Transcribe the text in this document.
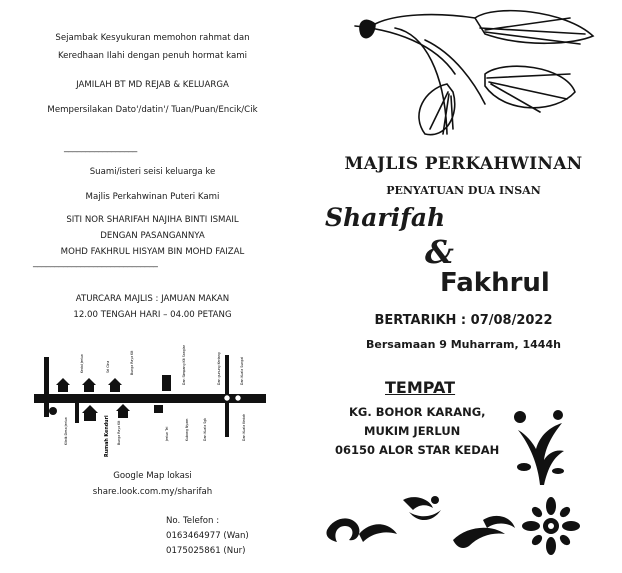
Sejambak Kesyukuran memohon rahmat dan
Keredhaan Ilahi dengan penuh hormat kami
JAMILAH BT MD REJAB & KELUARGA
Mempersilakan Dato'/datin'/ Tuan/Puan/Encik/Cik
_________________
Suami/isteri seisi keluarga ke
Majlis Perkahwinan Puteri Kami
SITI NOR SHARIFAH NAJIHA BINTI ISMAIL
DENGAN PASANGANNYA
MOHD FAKHRUL HISYAM BIN MOHD FAIZAL
_____________________________
ATURCARA MAJLIS : JAMUAN MAKAN
12.00 TENGAH HARI – 04.00 PETANG
Kedai Jerlun	Sri Cina	Bunga Raya Kit	Dan Simpang Kit Sanglang	Dan gunung Keriang	Dan Kuala Sungai
Klinik Desa Jerlun	Bunga Raya Kit	Jerlun Tel	Kubang Nyam	Dan Kuala Sgk	Dan Kuala Kedah
Rumah Kenduri
Google Map lokasi
share.look.com.my/sharifah
No. Telefon :
0163464977 (Wan)
0175025861 (Nur)
MAJLIS PERKAHWINAN
PENYATUAN DUA INSAN
Sharifah
&
Fakhrul
BERTARIKH : 07/08/2022
Bersamaan 9 Muharram, 1444h
TEMPAT
KG. BOHOR KARANG,
MUKIM JERLUN
06150 ALOR STAR KEDAH
